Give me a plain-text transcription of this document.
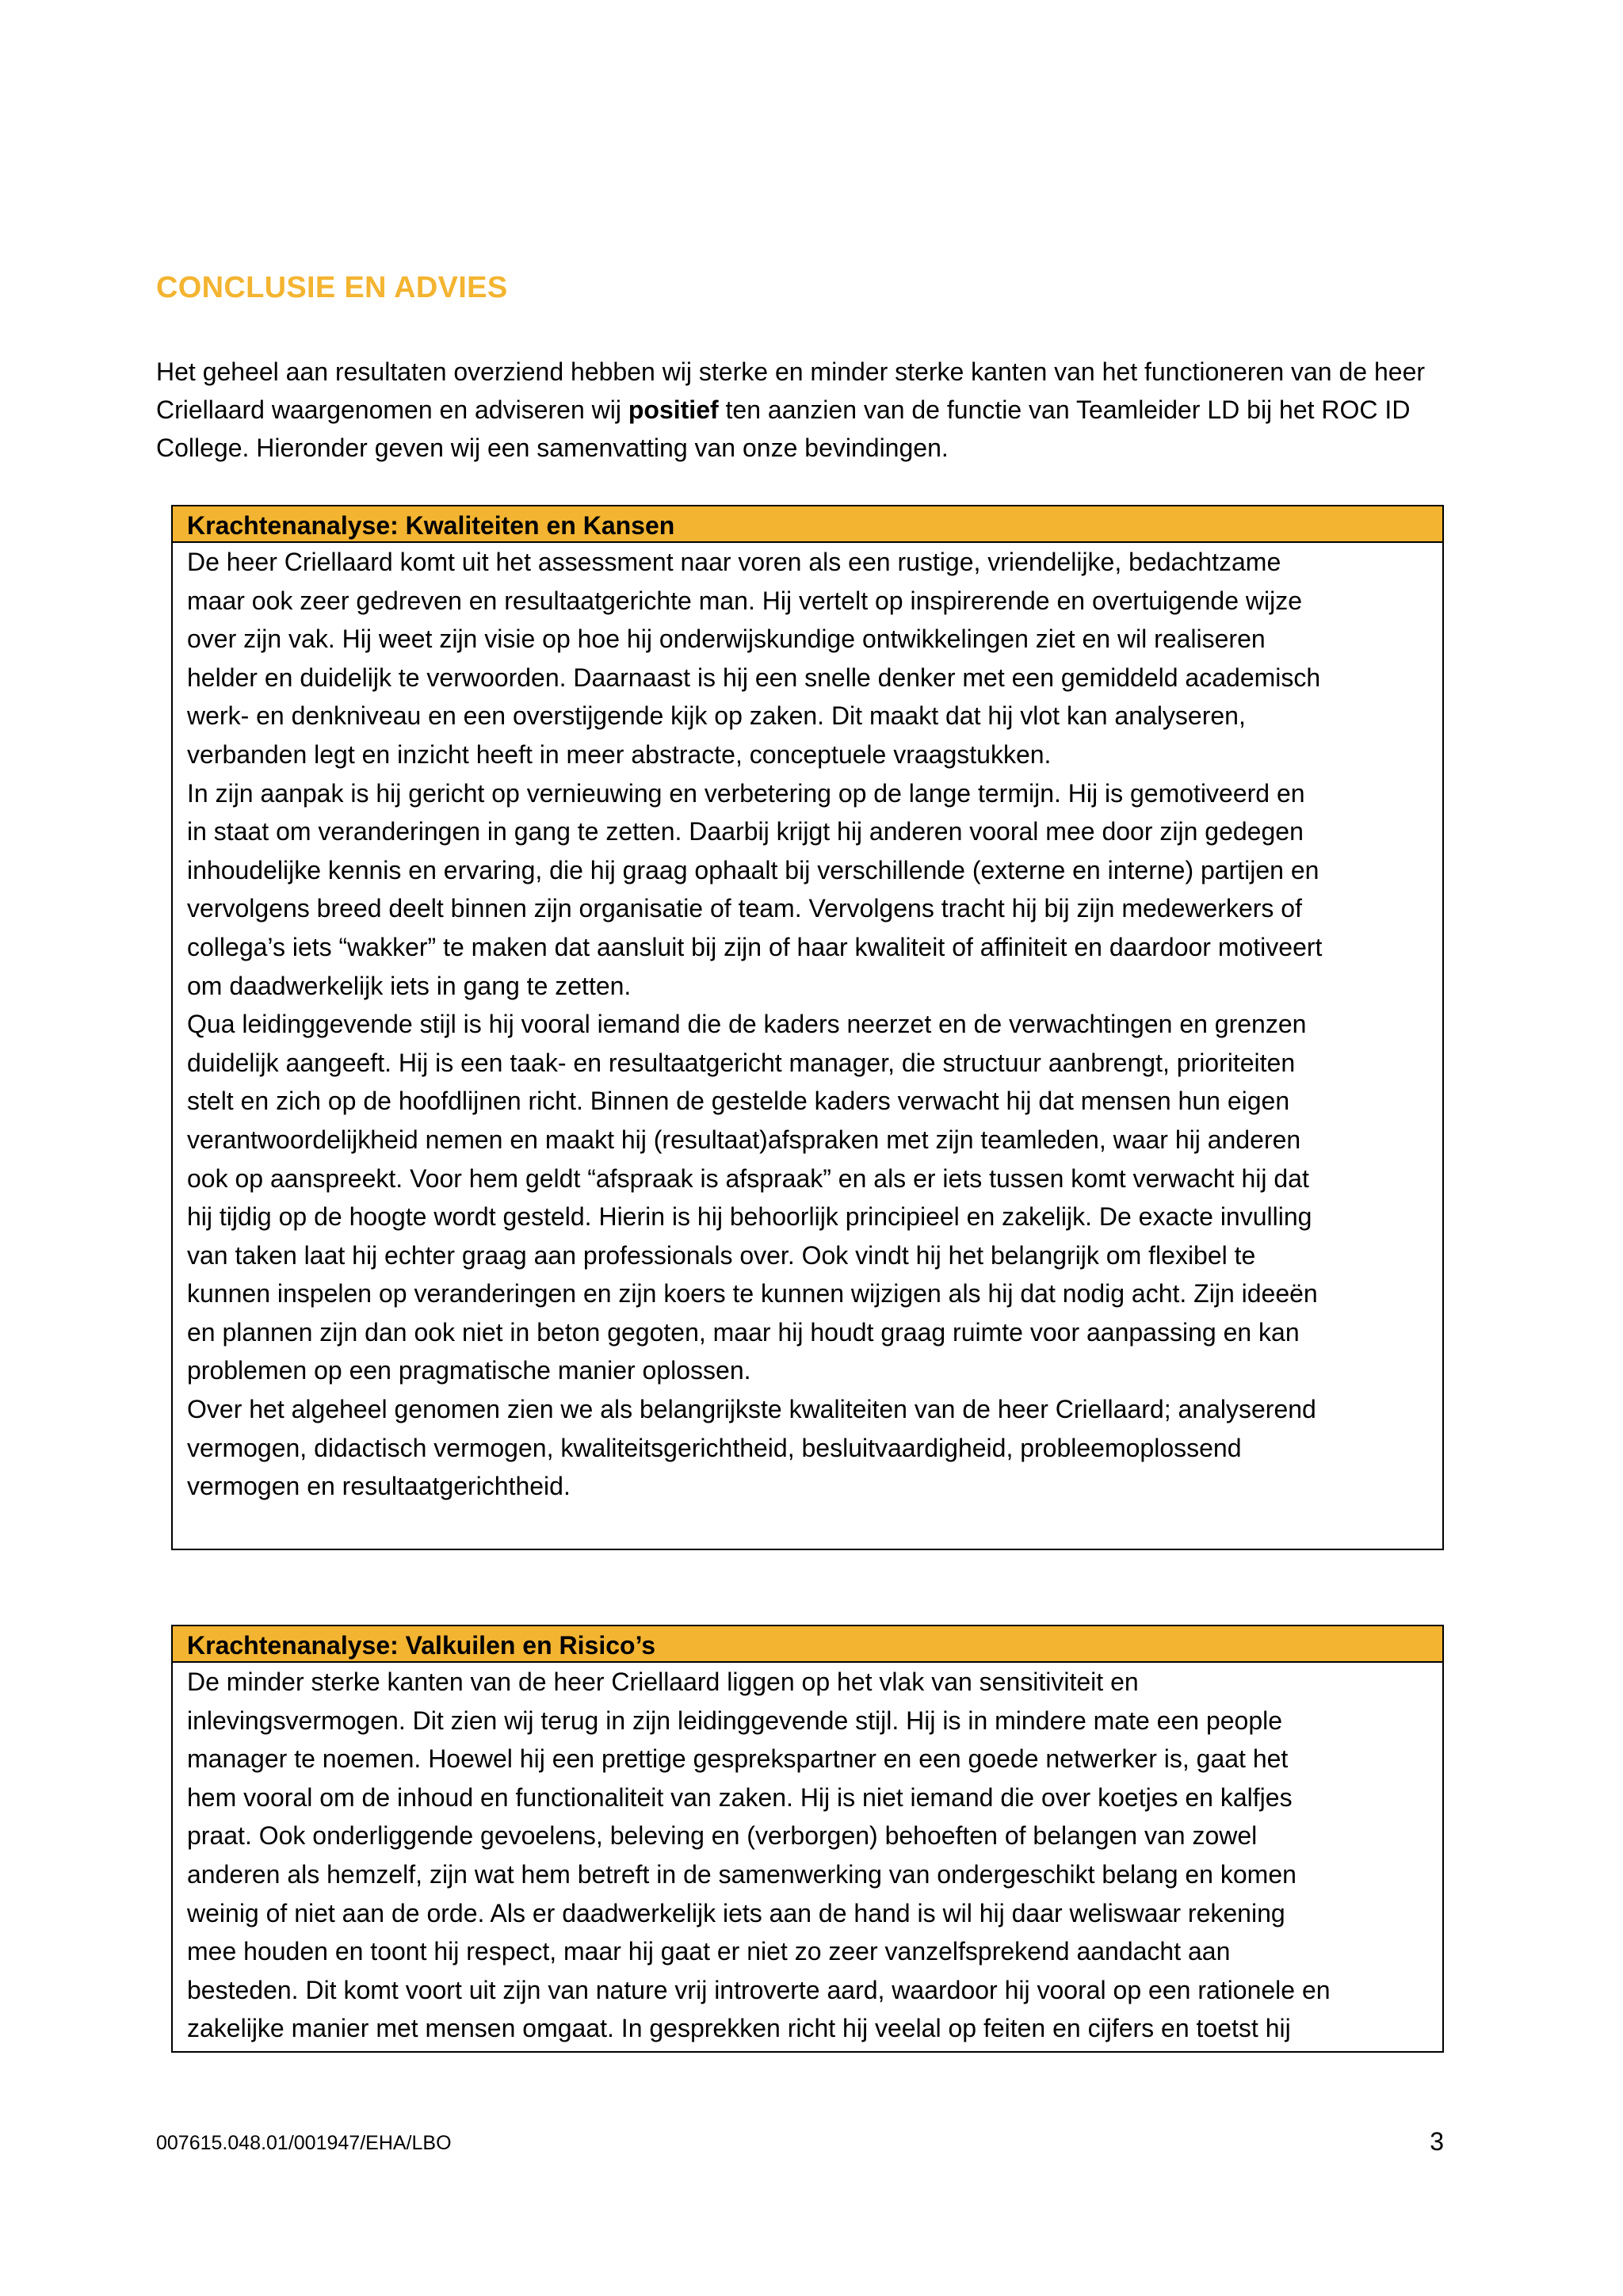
CONCLUSIE EN ADVIES

Het geheel aan resultaten overziend hebben wij sterke en minder sterke kanten van het functioneren van de heer Criellaard waargenomen en adviseren wij positief ten aanzien van de functie van Teamleider LD bij het ROC ID College. Hieronder geven wij een samenvatting van onze bevindingen.

Krachtenanalyse: Kwaliteiten en Kansen

De heer Criellaard komt uit het assessment naar voren als een rustige, vriendelijke, bedachtzame
maar ook zeer gedreven en resultaatgerichte man. Hij vertelt op inspirerende en overtuigende wijze
over zijn vak. Hij weet zijn visie op hoe hij onderwijskundige ontwikkelingen ziet en wil realiseren
helder en duidelijk te verwoorden. Daarnaast is hij een snelle denker met een gemiddeld academisch
werk- en denkniveau en een overstijgende kijk op zaken. Dit maakt dat hij vlot kan analyseren,
verbanden legt en inzicht heeft in meer abstracte, conceptuele vraagstukken.

In zijn aanpak is hij gericht op vernieuwing en verbetering op de lange termijn. Hij is gemotiveerd en
in staat om veranderingen in gang te zetten. Daarbij krijgt hij anderen vooral mee door zijn gedegen
inhoudelijke kennis en ervaring, die hij graag ophaalt bij verschillende (externe en interne) partijen en
vervolgens breed deelt binnen zijn organisatie of team. Vervolgens tracht hij bij zijn medewerkers of
collega’s iets “wakker” te maken dat aansluit bij zijn of haar kwaliteit of affiniteit en daardoor motiveert
om daadwerkelijk iets in gang te zetten.

Qua leidinggevende stijl is hij vooral iemand die de kaders neerzet en de verwachtingen en grenzen
duidelijk aangeeft. Hij is een taak- en resultaatgericht manager, die structuur aanbrengt, prioriteiten
stelt en zich op de hoofdlijnen richt. Binnen de gestelde kaders verwacht hij dat mensen hun eigen
verantwoordelijkheid nemen en maakt hij (resultaat)afspraken met zijn teamleden, waar hij anderen
ook op aanspreekt. Voor hem geldt “afspraak is afspraak” en als er iets tussen komt verwacht hij dat
hij tijdig op de hoogte wordt gesteld. Hierin is hij behoorlijk principieel en zakelijk. De exacte invulling
van taken laat hij echter graag aan professionals over. Ook vindt hij het belangrijk om flexibel te
kunnen inspelen op veranderingen en zijn koers te kunnen wijzigen als hij dat nodig acht. Zijn ideeën
en plannen zijn dan ook niet in beton gegoten, maar hij houdt graag ruimte voor aanpassing en kan
problemen op een pragmatische manier oplossen.

Over het algeheel genomen zien we als belangrijkste kwaliteiten van de heer Criellaard; analyserend
vermogen, didactisch vermogen, kwaliteitsgerichtheid, besluitvaardigheid, probleemoplossend
vermogen en resultaatgerichtheid.

Krachtenanalyse: Valkuilen en Risico’s

De minder sterke kanten van de heer Criellaard liggen op het vlak van sensitiviteit en
inlevingsvermogen. Dit zien wij terug in zijn leidinggevende stijl. Hij is in mindere mate een people
manager te noemen. Hoewel hij een prettige gesprekspartner en een goede netwerker is, gaat het
hem vooral om de inhoud en functionaliteit van zaken. Hij is niet iemand die over koetjes en kalfjes
praat. Ook onderliggende gevoelens, beleving en (verborgen) behoeften of belangen van zowel
anderen als hemzelf, zijn wat hem betreft in de samenwerking van ondergeschikt belang en komen
weinig of niet aan de orde. Als er daadwerkelijk iets aan de hand is wil hij daar weliswaar rekening
mee houden en toont hij respect, maar hij gaat er niet zo zeer vanzelfsprekend aandacht aan
besteden. Dit komt voort uit zijn van nature vrij introverte aard, waardoor hij vooral op een rationele en
zakelijke manier met mensen omgaat. In gesprekken richt hij veelal op feiten en cijfers en toetst hij

007615.048.01/001947/EHA/LBO	3
